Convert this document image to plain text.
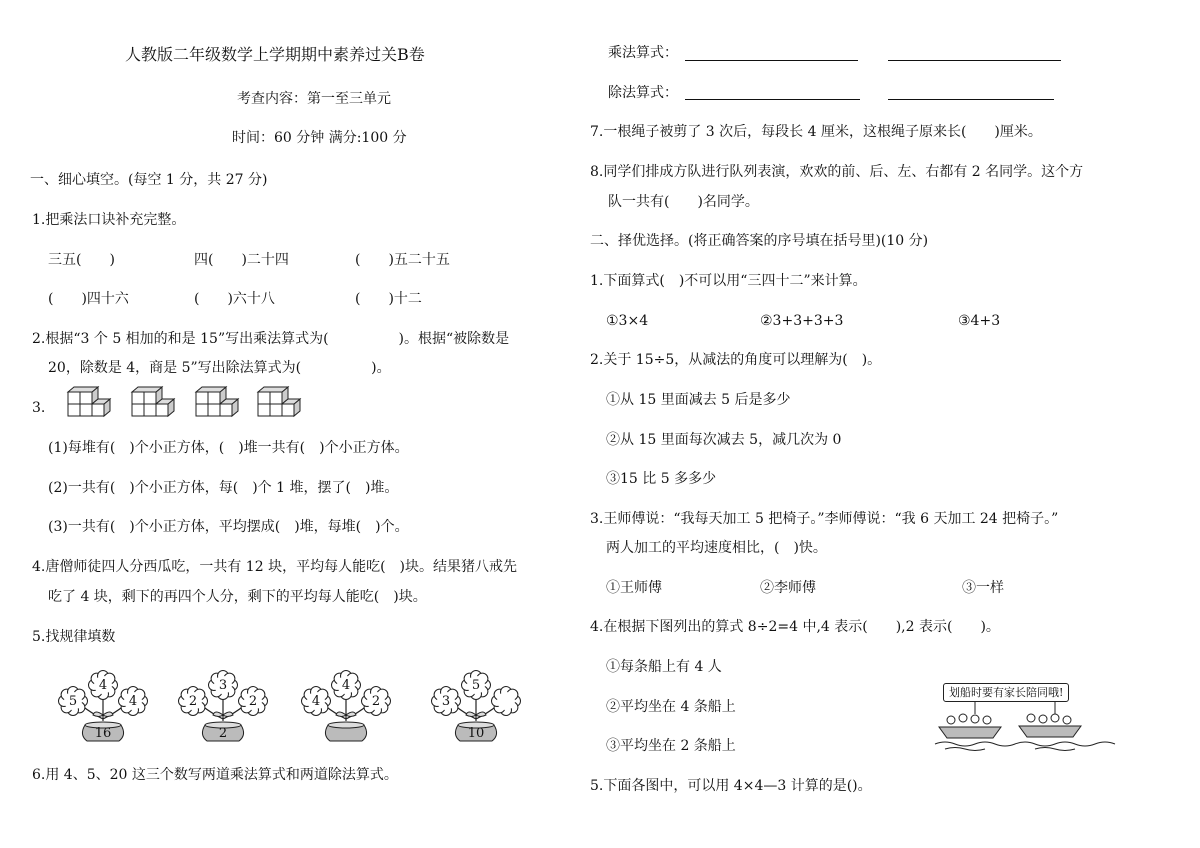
人教版二年级数学上学期期中素养过关B卷
考查内容：第一至三单元
时间：60 分钟 满分:100 分
一、细心填空。(每空 1 分，共 27 分)
1.把乘法口诀补充完整。
三五(　　)	四(　　)二十四	(　　)五二十五
(　　)四十六	(　　)六十八	(　　)十二
2.根据“3 个 5 相加的和是 15”写出乘法算式为(　　　　　)。根据“被除数是
20，除数是 4，商是 5”写出除法算式为(　　　　　)。
3.
(1)每堆有(　)个小正方体，(　)堆一共有(　)个小正方体。
(2)一共有(　)个小正方体，每(　)个 1 堆，摆了(　)堆。
(3)一共有(　)个小正方体，平均摆成(　)堆，每堆(　)个。
4.唐僧师徒四人分西瓜吃，一共有 12 块，平均每人能吃(　)块。结果猪八戒先
吃了 4 块，剩下的再四个人分，剩下的平均每人能吃(　)块。
5.找规律填数
5
4
4
16
2
3
2
2
4
4
2	3
5
10
6.用 4、5、20 这三个数写两道乘法算式和两道除法算式。
乘法算式：
除法算式：
7.一根绳子被剪了 3 次后，每段长 4 厘米，这根绳子原来长(　　)厘米。
8.同学们排成方队进行队列表演，欢欢的前、后、左、右都有 2 名同学。这个方
队一共有(　　)名同学。
二、择优选择。(将正确答案的序号填在括号里)(10 分)
1.下面算式(　)不可以用“三四十二”来计算。
①3×4	②3+3+3+3	③4+3
2.关于 15÷5，从减法的角度可以理解为(　)。
①从 15 里面减去 5 后是多少
②从 15 里面每次减去 5，减几次为 0
③15 比 5 多多少
3.王师傅说：“我每天加工 5 把椅子。”李师傅说：“我 6 天加工 24 把椅子。”
两人加工的平均速度相比，(　)快。
①王师傅	②李师傅	③一样
4.在根据下图列出的算式 8÷2=4 中,4 表示(　　),2 表示(　　)。
①每条船上有 4 人
②平均坐在 4 条船上
③平均坐在 2 条船上
划船时要有家长陪同哦!
5.下面各图中，可以用 4×4—3 计算的是()。
